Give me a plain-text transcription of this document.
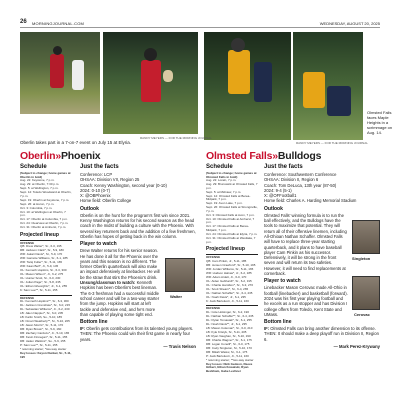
26 MORNINGJOURNAL.COM	WEDNESDAY, AUGUST 20, 2025
RANDY MEYERS — FOR THE MORNING JOURNAL
RANDY MEYERS — FOR THE MORNING JOURNAL
Oberlin takes part in a 7-on-7 event on July 15 at Elyria.
Olmsted Falls faces Maple Heights in a scrimmage on Aug. 14.
Oberlin»Phoenix	Olmsted Falls»Bulldogs
Schedule
(Subject to change; home games at Oberlin in bold)

Aug. 22: Keystone, 7 p.m.

Aug. 29: at Oberlin, 7:30 p.m.

Sept. 5: at Wellington, 7 p.m.

Sept. 12: Toledo Woodward at Oberlin, 7 p.m.

Sept. 19: Oberlin at Keystone, 7 p.m.

Sept. 26: at Huron, 7 p.m.

Oct. 3: Columbia, 7 p.m.

Oct. 10: at Wellington at Oberlin, 7 p.m.

Oct. 17: Oberlin at Columbia, 7 p.m.

Oct. 24: Clearview at Oberlin, 7 p.m.

Oct. 31: Oberlin at Amherst, 7 p.m.

Projected lineup
OFFENSE

QB: Drew Walter*, Sr., 6-0, 195

RB: Jackson Clark*, Sr., 5-9, 180

WR: Jakari Davis*, Sr., 5-9, 170

WR: Garrette Williams, Sr., 6-1, 185

WR: Tariq Fuller*, Sr., 5-11, 165

WR: Kaan Bell*, Jr., 5-9, 145

OL: Kenneth Hopkins, Sr., 6-3, 300

OL: Mason Wilson*, Jr., 6-2, 275

OL: Hunter Scott, Sr., 6-0, 230

OL: Julian Page*, Sr., 5-8, 235

OL: Ethan Gheorghiu*, Jr., 6-1, 255

K: Sam Lee**, Sr., 5-11, 155

DEFENSE

DL: Kenneth Hopkins**, Sr., 6-3, 300

DL: Jackson Crenshaw*, Sr., 6-0, 215

DL: Sebastian Williams*, Jr., 6-2, 230

LB: Jalen Nappier*, Sr., 6-0, 205

LB: Karlin Smith, So., 5-10, 185

LB: Omari Weatherly**, Sr., 5-10, 205

LB: Jason Morris*, Sr., 5-11, 170

DB: Ryan Brown*, Sr., 5-9, 160

DB: Zachary Cardozo*, Jr., 5-10, 165

DB: Kevin Finnegan*, Sr., 5-11, 155

DB: Jaden Watkins*, So., 5-9, 155

P: Sam Lee**, Sr., 5-11, 155

* returning starter; *two-way starter

Key losses: Keyon Dunkel, Sr., 5-11, 195
Just the facts
Conference: LCP
OHSAA: Division VII, Region 25
Coach: Kenny Washington, second year (0-10)
2024: 0-10 (0-7)
X: @OBPhoenix
Home field: Oberlin College
Outlook
Oberlin is on the hunt for the program's first win since 2021. Kenny Washington returns for his second season as the head coach in the midst of building a culture with the Phoenix. With several key returners back and the addition of a few freshmen, Oberlin has hopes of getting back in the win column.
Player to watch
Drew Walter returns for his senior season. He has done it all for the Phoenix over the years and this season is no different. The former Oberlin quarterback will also make an impact defensively at linebacker. He will be the straw that stirs the Phoenix's drink.
Unsung/classman to watch: Kenneth Hopkins has been Oberlin's best lineman. The 6-3 freshman had a successful middle school career and will be a two-way starter from the jump. Hopkins will start at left tackle and defensive end, and he's more than capable of playing some tight end.
Bottom line
IF: Oberlin gets contributions from its talented young players. THEN: The Phoenix could win their first game in nearly four years.
— Travis Nelson
Walter
Schedule
(Subject to change; home games at Olmsted Falls in bold)

Aug. 22: Lorain, 7 p.m.

Aug. 29: Brunswick at Olmsted Falls, 7 p.m.

Sept. 5: at Midview, 7 p.m.

Sept. 12: Olmsted Falls at Berea-Midpark, 7 p.m.

Sept. 19: Avon Lake, 7 p.m.

Sept. 26: Olmsted Falls at Strongsville, 7 p.m.

Oct. 3: Olmsted Falls at Avon, 7 p.m.

Oct. 10: Olmsted Falls at Amherst, 7 p.m.

Oct. 17: Olmsted Falls at Berea-Midpark, 7 p.m.

Oct. 24: Olmsted Falls at Elyria, 7 p.m.

Oct. 31: Olmsted Falls at Westlake, 7 p.m.

Projected lineup
OFFENSE

QB: Cam Pinkin, Jr., 5-11, 185

RB: Jensen Crawford*, Sr., 5-10, 195

WR: Jordan Williams, Sr., 5-11, 165

WR: Hudson Halvas*, Jr., 6-2, 185

WR: Adam Ardelt, Jr., 6-0, 170

OL: Aiden Gebhardt*, Sr., 6-2, 315

OL: Charlie Hamilton*, Sr., 6-3, 270

OL: Scott Shearn*, Sr., 6-4, 265

OL: Nathan Schaffer*, Sr., 6-4, 235

OL: Noah Davis*, Jr., 6-1, 235

K: Jack Bartolucci, Jr., 5-11, 160

DEFENSE

DL: Cole Holsinger, Sr., 6-2, 190

DL: Nathan Schaffer**, Sr., 6-4, 235

DL: Dylan Tomasiak*, Sr., 6-1, 255

DL: Noah Davis**, Jr., 6-1, 235

LB: Mason Coleman*, Sr., 6-0, 210

LB: Kyle Kristyk, Sr., 5-11, 205

LB: Ryan Vaughan, Sr., 5-10, 190

DB: Charlie Wagner*, Sr., 6-1, 175

DB: Logan Conelli*, Sr., 6-0, 175

DB: Cody Singleton, Sr., 5-10, 170

DB: Mikah Wasiw, Sr., 6-1, 175

P: Jack Bartolucci, Jr., 5-11, 160

* returning starter; **two-way starter

Key losses: Nick Gedeon, Reece Gilbert, Ethan Kowalski, Ryan Beckham, Gabe Lechner
Just the facts
Conference: Southwestern Conference
OHSAA: Division II, Region 6
Coach: Tom DeLuca, 13th year (87-50)
2024: 9-4 (5-1)
X: @OFFootball1
Home field: Charles A. Harding Memorial Stadium
Outlook
Olmsted Falls' winning formula is to run the ball effectively, and the Bulldogs have the tools to maximize that potential. They will return all of their offensive linemen, including All-Ohioan Nathan Schaffer. Olmsted Falls will have to replace three-year starting quarterback, and it plans to have baseball player Cam Pinkin as his successor. Defensively, it will be strong in the front seven and will return its two safeties. However, it will need to find replacements at cornerback.
Player to watch
Linebacker Mason Cerovac made All-Ohio in football (linebacker) and basketball (forward). 2024 was his first year playing football and he excels as a run stopper and has Division I college offers from Toledo, Kent State and UMass.
Bottom line
IF: Olmsted Falls can bring another dimension to its offense. THEN: It should make a deep playoff run in Division II, Region 6.
— Mark Perez-Krywany
Singleton
Cerovac
